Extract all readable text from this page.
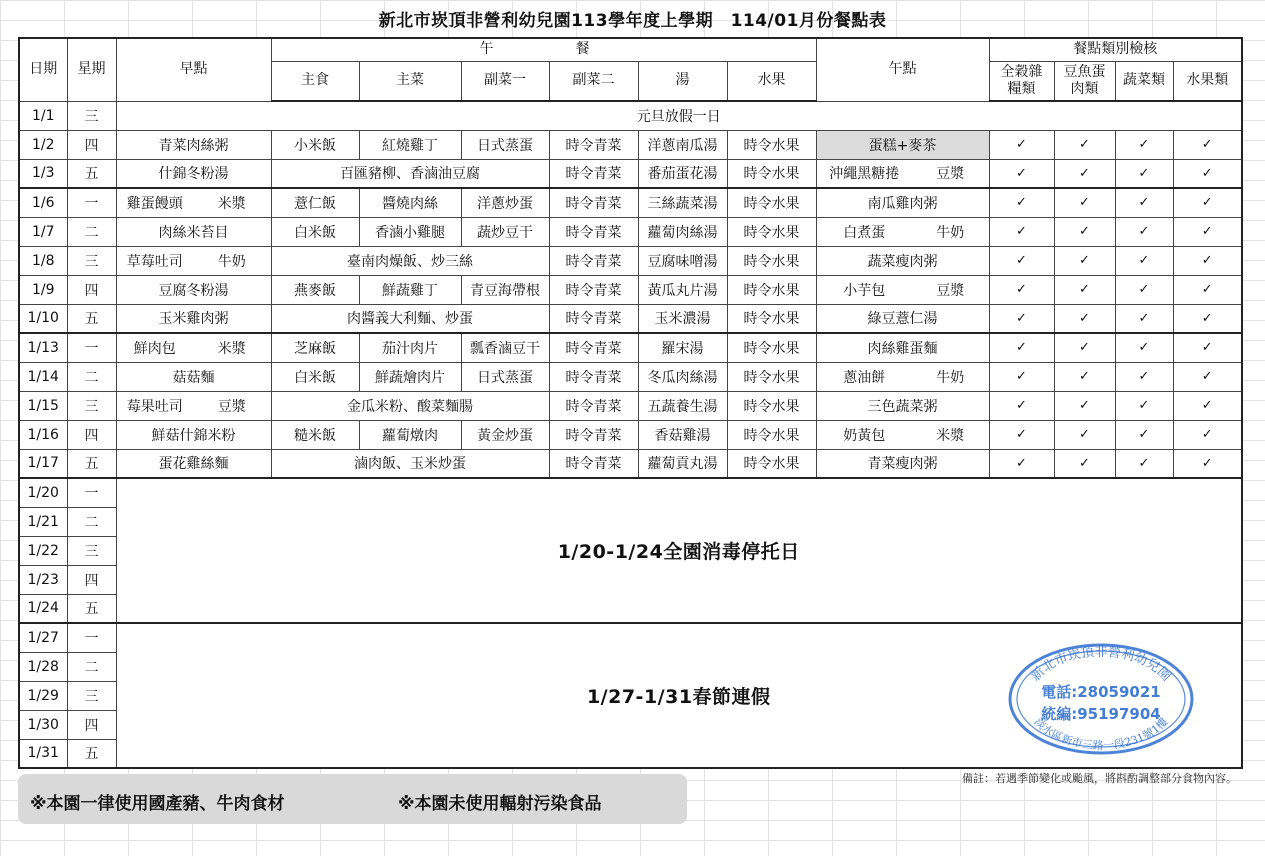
新北市崁頂非營利幼兒園113學年度上學期　114/01月份餐點表
日期	星期	早點		午　　餐						午點		餐點類別檢核			
				主食	主菜	副菜一	副菜二	湯	水果			全穀雜
糧類	豆魚蛋
肉類	蔬菜類	水果類
1/1	三	元旦放假一日													
1/2	四	青菜肉絲粥		小米飯	紅燒雞丁	日式蒸蛋	時令青菜	洋蔥南瓜湯	時令水果	蛋糕+麥茶		✓	✓	✓	✓
1/3	五	什錦冬粉湯		百匯豬柳、香滷油豆腐			時令青菜	番茄蛋花湯	時令水果	沖繩黑糖捲	豆漿	✓	✓	✓	✓
1/6	一	雞蛋饅頭	米漿	薏仁飯	醬燒肉絲	洋蔥炒蛋	時令青菜	三絲蔬菜湯	時令水果	南瓜雞肉粥		✓	✓	✓	✓
1/7	二	肉絲米苔目		白米飯	香滷小雞腿	蔬炒豆干	時令青菜	蘿蔔肉絲湯	時令水果	白煮蛋	牛奶	✓	✓	✓	✓
1/8	三	草莓吐司	牛奶	臺南肉燥飯、炒三絲			時令青菜	豆腐味噌湯	時令水果	蔬菜瘦肉粥		✓	✓	✓	✓
1/9	四	豆腐冬粉湯		燕麥飯	鮮蔬雞丁	青豆海帶根	時令青菜	黃瓜丸片湯	時令水果	小芋包	豆漿	✓	✓	✓	✓
1/10	五	玉米雞肉粥		肉醬義大利麵、炒蛋			時令青菜	玉米濃湯	時令水果	綠豆薏仁湯		✓	✓	✓	✓
1/13	一	鮮肉包	米漿	芝麻飯	茄汁肉片	瓢香滷豆干	時令青菜	羅宋湯	時令水果	肉絲雞蛋麵		✓	✓	✓	✓
1/14	二	菇菇麵		白米飯	鮮蔬燴肉片	日式蒸蛋	時令青菜	冬瓜肉絲湯	時令水果	蔥油餅	牛奶	✓	✓	✓	✓
1/15	三	莓果吐司	豆漿	金瓜米粉、酸菜麵腸			時令青菜	五蔬養生湯	時令水果	三色蔬菜粥		✓	✓	✓	✓
1/16	四	鮮菇什錦米粉		糙米飯	蘿蔔燉肉	黃金炒蛋	時令青菜	香菇雞湯	時令水果	奶黃包	米漿	✓	✓	✓	✓
1/17	五	蛋花雞絲麵		滷肉飯、玉米炒蛋			時令青菜	蘿蔔貢丸湯	時令水果	青菜瘦肉粥		✓	✓	✓	✓
1/20	一	1/20-1/24全園消毒停托日													
1/21	二														
1/22	三														
1/23	四														
1/24	五														
1/27	一	1/27-1/31春節連假													
1/28	二														
1/29	三														
1/30	四														
1/31	五														
備註：若遇季節變化或颱風，將斟酌調整部分食物內容。
※本園一律使用國產豬、牛肉食材	※本園未使用輻射污染食品
新北市崁頂非營利幼兒園
淡水區新市三路一段231號1樓
電話:28059021
統編:95197904
